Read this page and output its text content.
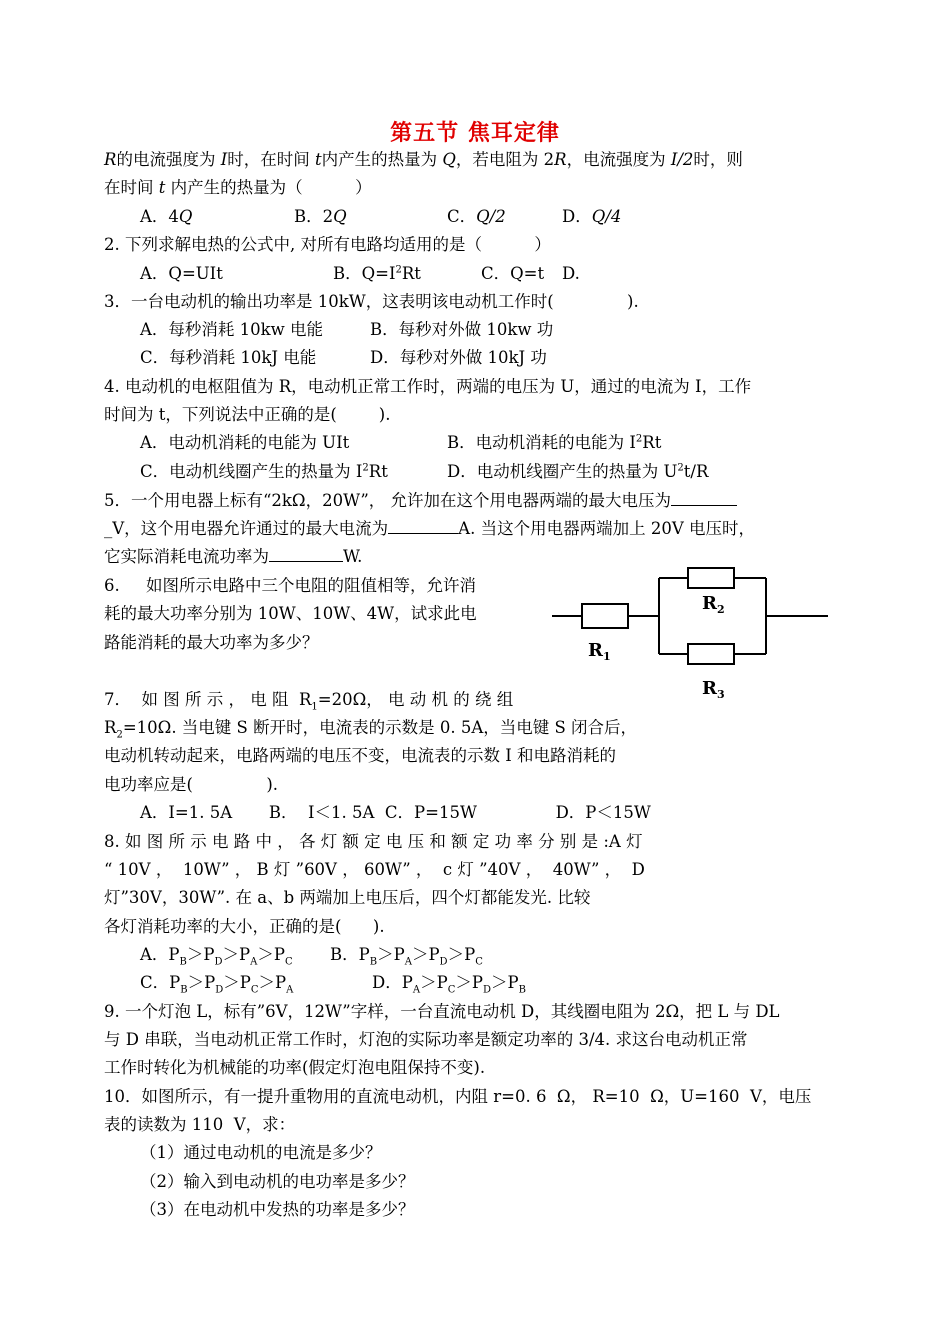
第五节 焦耳定律
R的电流强度为 I时，在时间 t内产生的热量为 Q，若电阻为 2R，电流强度为 I/2时，则
在时间 t 内产生的热量为（          ）
A．4Q	B．2Q	C．Q/2	D．Q/4
2. 下列求解电热的公式中, 对所有电路均适用的是（          ）
A．Q=UIt	B．$Q=I^2Rt$	C．Q=t D.
3．一台电动机的输出功率是 10kW，这表明该电动机工作时(              ).
A．每秒消耗 10kw 电能	B．每秒对外做 10kw 功
C．每秒消耗 10kJ 电能	D．每秒对外做 10kJ 功
4. 电动机的电枢阻值为 R，电动机正常工作时，两端的电压为 U，通过的电流为 I，工作
时间为 t，下列说法中正确的是(        ).
A．电动机消耗的电能为 UIt	B．电动机消耗的电能为 $I^2Rt$
C．电动机线圈产生的热量为 $I^2Rt$	D．电动机线圈产生的热量为 $U^2t/R$
5．一个用电器上标有“2kΩ，20W”， 允许加在这个用电器两端的最大电压为
_V，这个用电器允许通过的最大电流为	A. 当这个用电器两端加上 20V 电压时，
它实际消耗电流功率为	W.
6.     如图所示电路中三个电阻的阻值相等，允许消
耗的最大功率分别为 10W、10W、4W，试求此电
路能消耗的最大功率为多少？
$R_2$
$R_1$
$R_3$
7．  如 图 所 示 ， 电 阻  $R_1=20\Omega$， 电 动 机 的 绕 组
$R_2=10\Omega$. 当电键 S 断开时，电流表的示数是 0. 5A，当电键 S 闭合后，
电动机转动起来，电路两端的电压不变，电流表的示数 I 和电路消耗的
电功率应是(              ).
A．I=1. 5A       B．  I＜1. 5A  C．P=15W               D．P＜15W
8. 如 图 所 示 电 路 中 ， 各 灯 额 定 电 压 和 额 定 功 率 分 别 是 :A 灯
“ 10V ，  10W” ， B 灯 ”60V ， 60W” ，  c 灯 ”40V ，  40W” ，  D
灯”30V，30W”. 在 a、b 两端加上电压后，四个灯都能发光. 比较
各灯消耗功率的大小，正确的是(      ).
A．$P_B>P_D>P_A>P_C$ B．$P_B>P_A>P_D>P_C$
C．$P_B>P_D>P_C>P_A$	D．$P_A>P_C>P_D>P_B$
9. 一个灯泡 L，标有”6V，12W”字样，一台直流电动机 D，其线圈电阻为 2Ω，把 L 与 DL
与 D 串联，当电动机正常工作时，灯泡的实际功率是额定功率的 3/4. 求这台电动机正常
工作时转化为机械能的功率(假定灯泡电阻保持不变).
10．如图所示，有一提升重物用的直流电动机，内阻 r=0. 6  Ω， R=10  Ω，U=160  V，电压
表的读数为 110  V，求：
（1）通过电动机的电流是多少？
（2）输入到电动机的电功率是多少？
（3）在电动机中发热的功率是多少？
